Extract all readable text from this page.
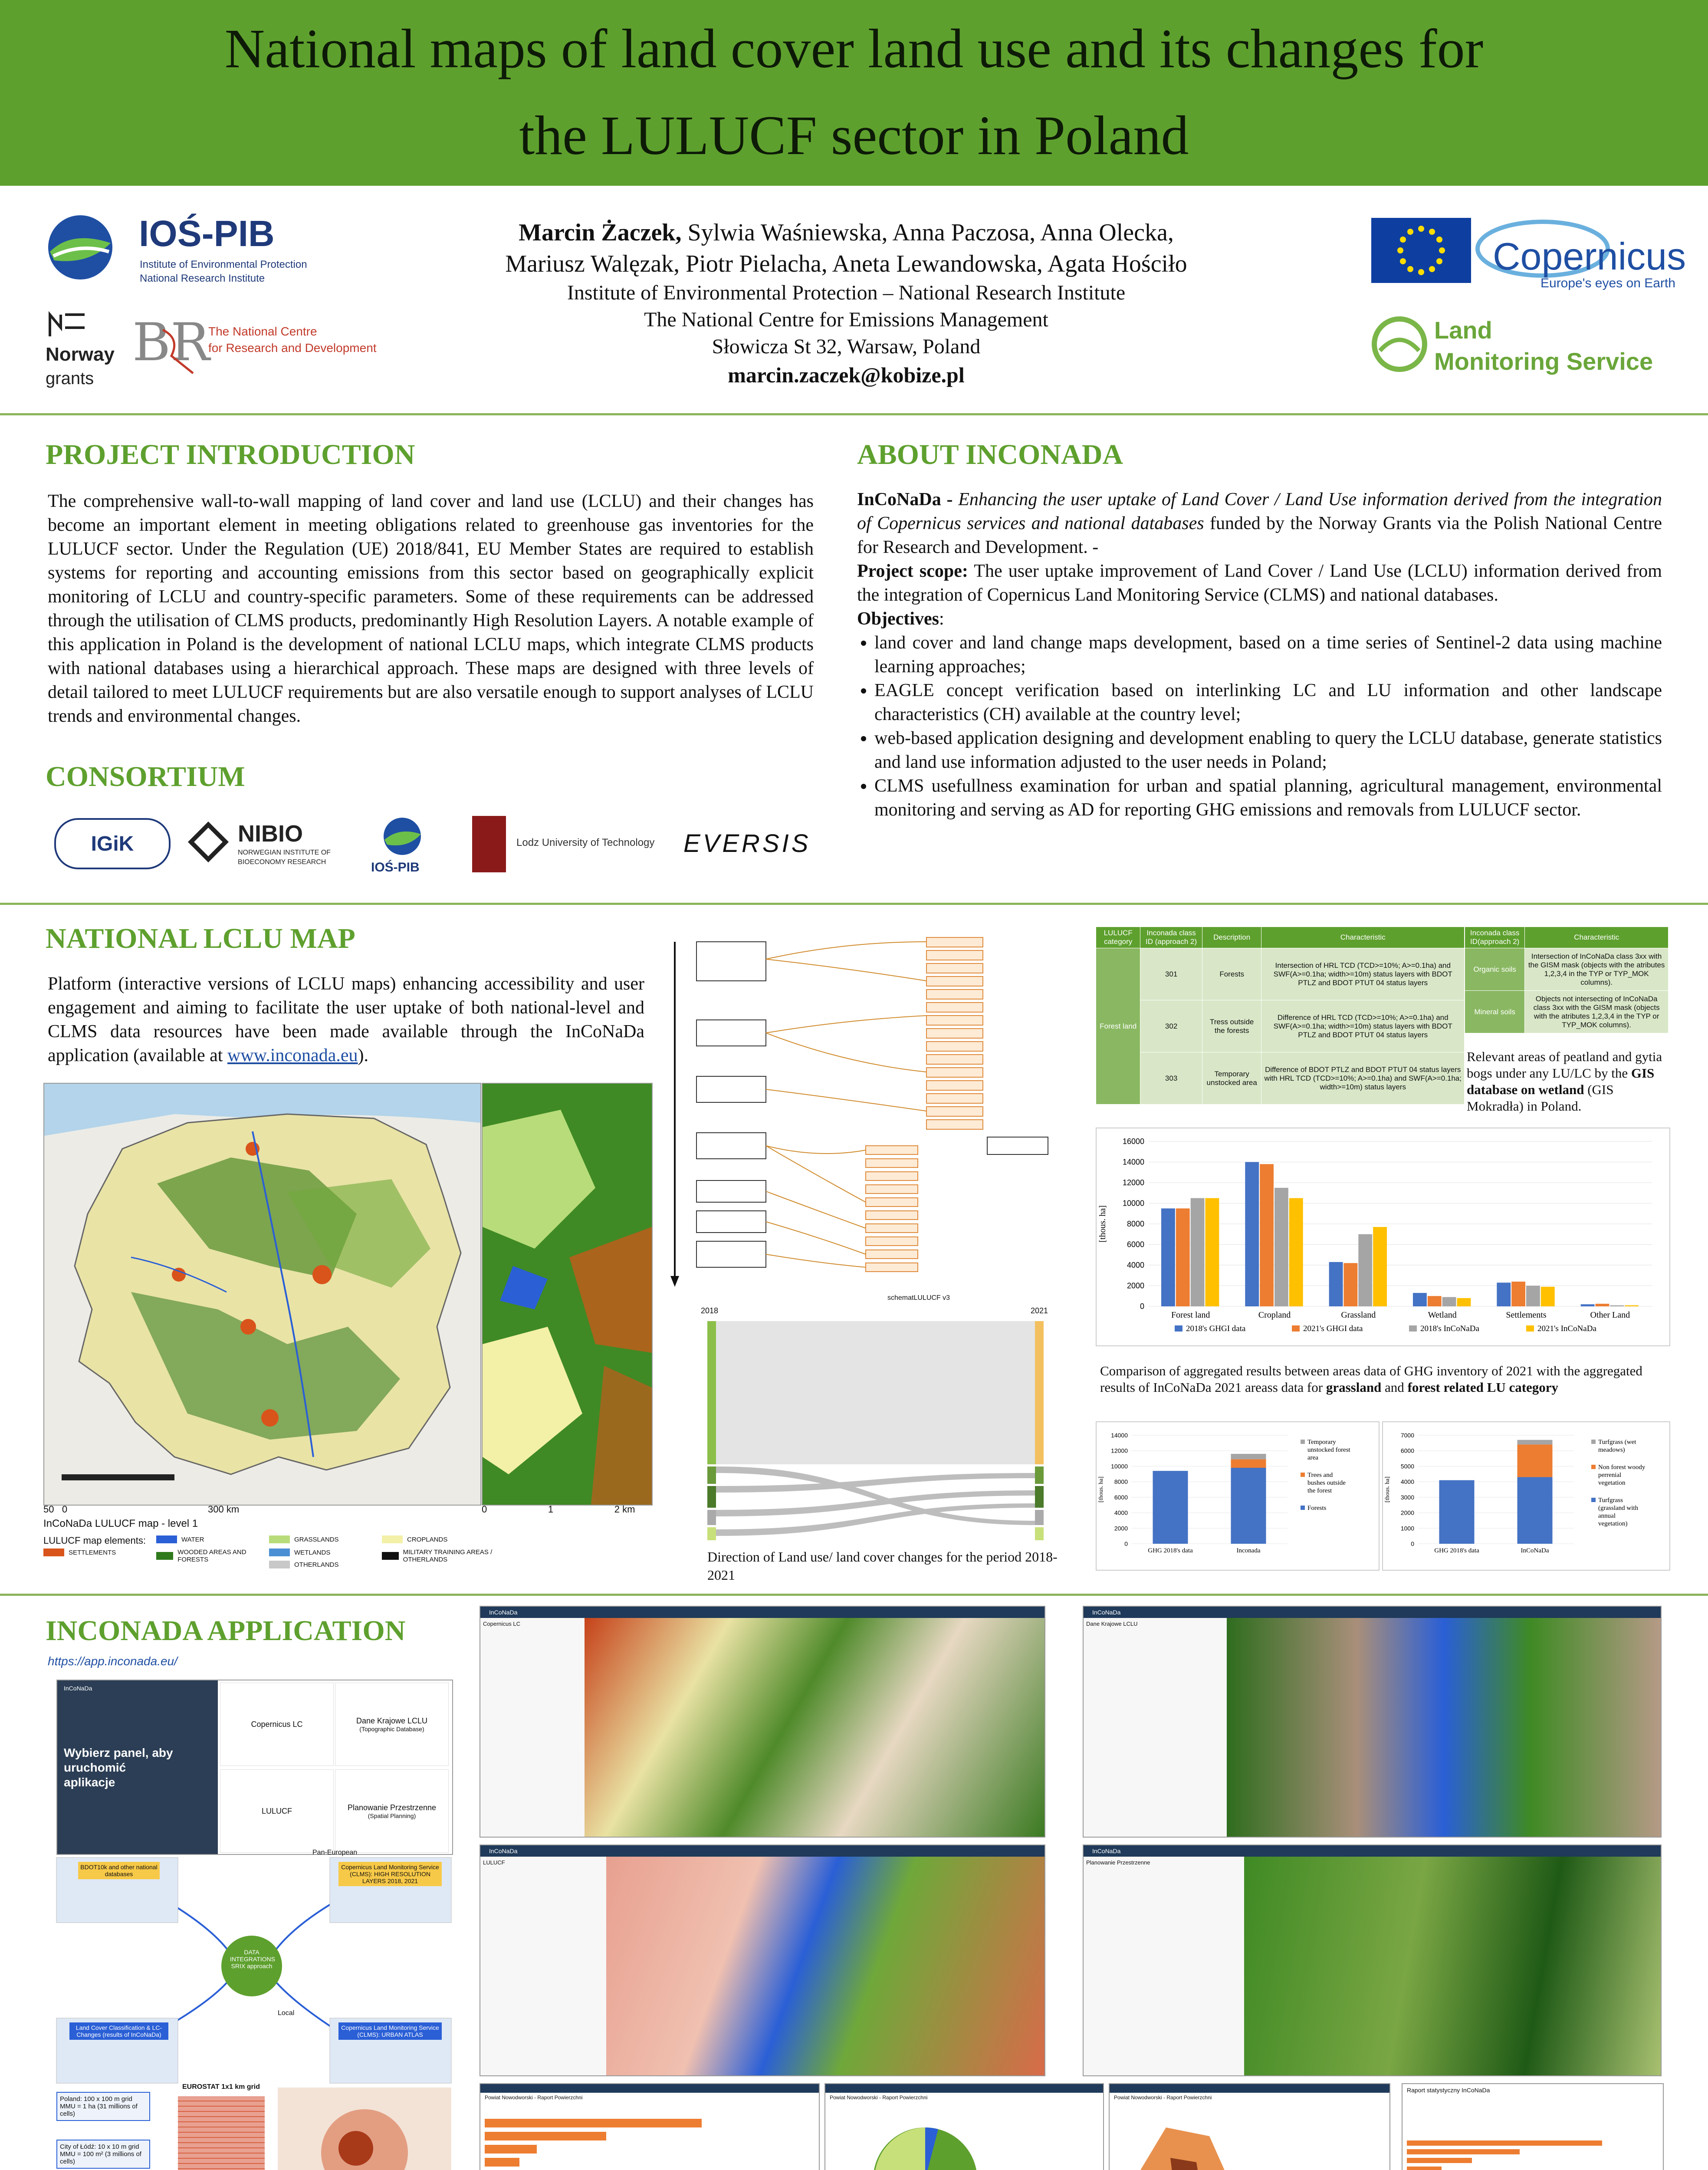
National maps of land cover land use and its changes for
the LULUCF sector in Poland
IOŚ-PIB
Institute of Environmental Protection
National Research Institute
Norway
grants
BR
The National Centre
for Research and Development
Marcin Żaczek, Sylwia Waśniewska, Anna Paczosa, Anna Olecka,
Mariusz Walęzak, Piotr Pielacha, Aneta Lewandowska, Agata Hościło
Institute of Environmental Protection – National Research Institute
The National Centre for Emissions Management
Słowicza St 32, Warsaw, Poland
marcin.zaczek@kobize.pl
Copernicus
Europe's eyes on Earth
Land
Monitoring Service
PROJECT INTRODUCTION
The comprehensive wall-to-wall mapping of land cover and land use (LCLU) and their changes has become an important element in meeting obligations related to greenhouse gas inventories for the LULUCF sector. Under the Regulation (UE) 2018/841, EU Member States are required to establish systems for reporting and accounting emissions from this sector based on geographically explicit monitoring of LCLU and country-specific parameters. Some of these requirements can be addressed through the utilisation of CLMS products, predominantly High Resolution Layers. A notable example of this application in Poland is the development of national LCLU maps, which integrate CLMS products with national databases using a hierarchical approach. These maps are designed with three levels of detail tailored to meet LULUCF requirements but are also versatile enough to support analyses of LCLU trends and environmental changes.
CONSORTIUM
IGiK	NIBIO
NORWEGIAN INSTITUTE OF BIOECONOMY RESEARCH	IOŚ-PIB
Lodz University of Technology EVERSIS
ABOUT INCONADA
InCoNaDa - Enhancing the user uptake of Land Cover / Land Use information derived from the integration of Copernicus services and national databases funded by the Norway Grants via the Polish National Centre for Research and Development. -
Project scope: The user uptake improvement of Land Cover / Land Use (LCLU) information derived from the integration of Copernicus Land Monitoring Service (CLMS) and national databases.
Objectives:
• land cover and land change maps development, based on a time series of Sentinel-2 data using machine learning approaches;
• EAGLE concept verification based on interlinking LC and LU information and other landscape characteristics (CH) available at the country level;
• web-based application designing and development enabling to query the LCLU database, generate statistics and land use information adjusted to the user needs in Poland;
• CLMS usefullness examination for urban and spatial planning, agricultural management, environmental monitoring and serving as AD for reporting GHG emissions and removals from LULUCF sector.
NATIONAL LCLU MAP
Platform (interactive versions of LCLU maps) enhancing accessibility and user engagement and aiming to facilitate the user uptake of both national-level and CLMS data resources have been made available through the InCoNaDa application (available at www.inconada.eu).
50 0	300 km	0	1	2 km
InCoNaDa LULUCF map - level 1
LULUCF map elements:
SETTLEMENTS
WATER
WOODED AREAS AND FORESTS
GRASSLANDS
WETLANDS
OTHERLANDS
CROPLANDS
MILITARY TRAINING AREAS / OTHERLANDS
schematLULUCF v3
2018	2021
Direction of Land use/ land cover changes for the period 2018-2021
LULUCF category	Inconada class ID (approach 2)	Description	Characteristic
Forest land	301	Forests	Intersection of HRL TCD (TCD>=10%; A>=0.1ha) and SWF(A>=0.1ha; width>=10m) status layers with BDOT PTLZ and BDOT PTUT 04 status layers
	302	Tress outside the forests	Difference of HRL TCD (TCD>=10%; A>=0.1ha) and SWF(A>=0.1ha; width>=10m) status layers with BDOT PTLZ and BDOT PTUT 04 status layers
	303	Temporary unstocked area	Difference of BDOT PTLZ and BDOT PTUT 04 status layers with HRL TCD (TCD>=10%; A>=0.1ha) and SWF(A>=0.1ha; width>=10m) status layers
Inconada class ID(approach 2)	Characteristic
Organic soils	Intersection of InCoNaDa class 3xx with the GISM mask (objects with the atributes 1,2,3,4 in the TYP or TYP_MOK columns).
Mineral soils	Objects not intersecting of InCoNaDa class 3xx with the GISM mask (objects with the atributes 1,2,3,4 in the TYP or TYP_MOK columns).
Relevant areas of peatland and gytia bogs under any LU/LC by the GIS database on wetland (GIS Mokradła) in Poland.
0
2000
4000
6000
8000
10000
12000
14000
16000
Forest land	Cropland	Grassland	Wetland	Settlements	Other Land
[thous. ha]
2018's GHGI data	2021's GHGI data	2018's InCoNaDa	2021's InCoNaDa
Comparison of aggregated results between areas data of GHG inventory of 2021 with the aggregated results of InCoNaDa 2021 areass data for grassland and forest related LU category
0
2000
4000
6000
8000
10000
12000
14000
GHG 2018's data	Inconada
[thous. ha]
Temporary
unstocked forest
area
Trees and
bushes outside
the forest
Forests
0
1000
2000
3000
4000
5000
6000
7000
GHG 2018's data	InCoNaDa
[thous. ha]
Turfgrass (wet
meadows)
Non forest woody
perrenial
vegetation
Turfgrass
(grassland with
annual
vegetation)
INCONADA APPLICATION
https://app.inconada.eu/
InCoNaDa
Wybierz panel, aby uruchomić aplikacje
Copernicus LC	Dane Krajowe LCLU
(Topographic Database)
LULUCF	Planowanie Przestrzenne
(Spatial Planning)
Pan-European
Local
DATA INTEGRATIONS SRIX approach
BDOT10k and other national databases
Copernicus Land Monitoring Service (CLMS): HIGH RESOLUTION LAYERS 2018, 2021
Land Cover Classification & LC-Changes (results of InCoNaDa)
Copernicus Land Monitoring Service (CLMS): URBAN ATLAS
Poland: 100 x 100 m grid MMU = 1 ha (31 millions of cells)
City of Łódź: 10 x 10 m grid MMU = 100 m² (3 millions of cells)
EUROSTAT 1x1 km grid
InCoNaDa
Copernicus LC
InCoNaDa
Dane Krajowe LCLU
InCoNaDa
LULUCF
InCoNaDa
Planowanie Przestrzenne
Powiat Nowodworski - Raport Powierzchni	Powiat Nowodworski - Raport Powierzchni	Powiat Nowodworski - Raport Powierzchni
Raport statystyczny InCoNaDa
